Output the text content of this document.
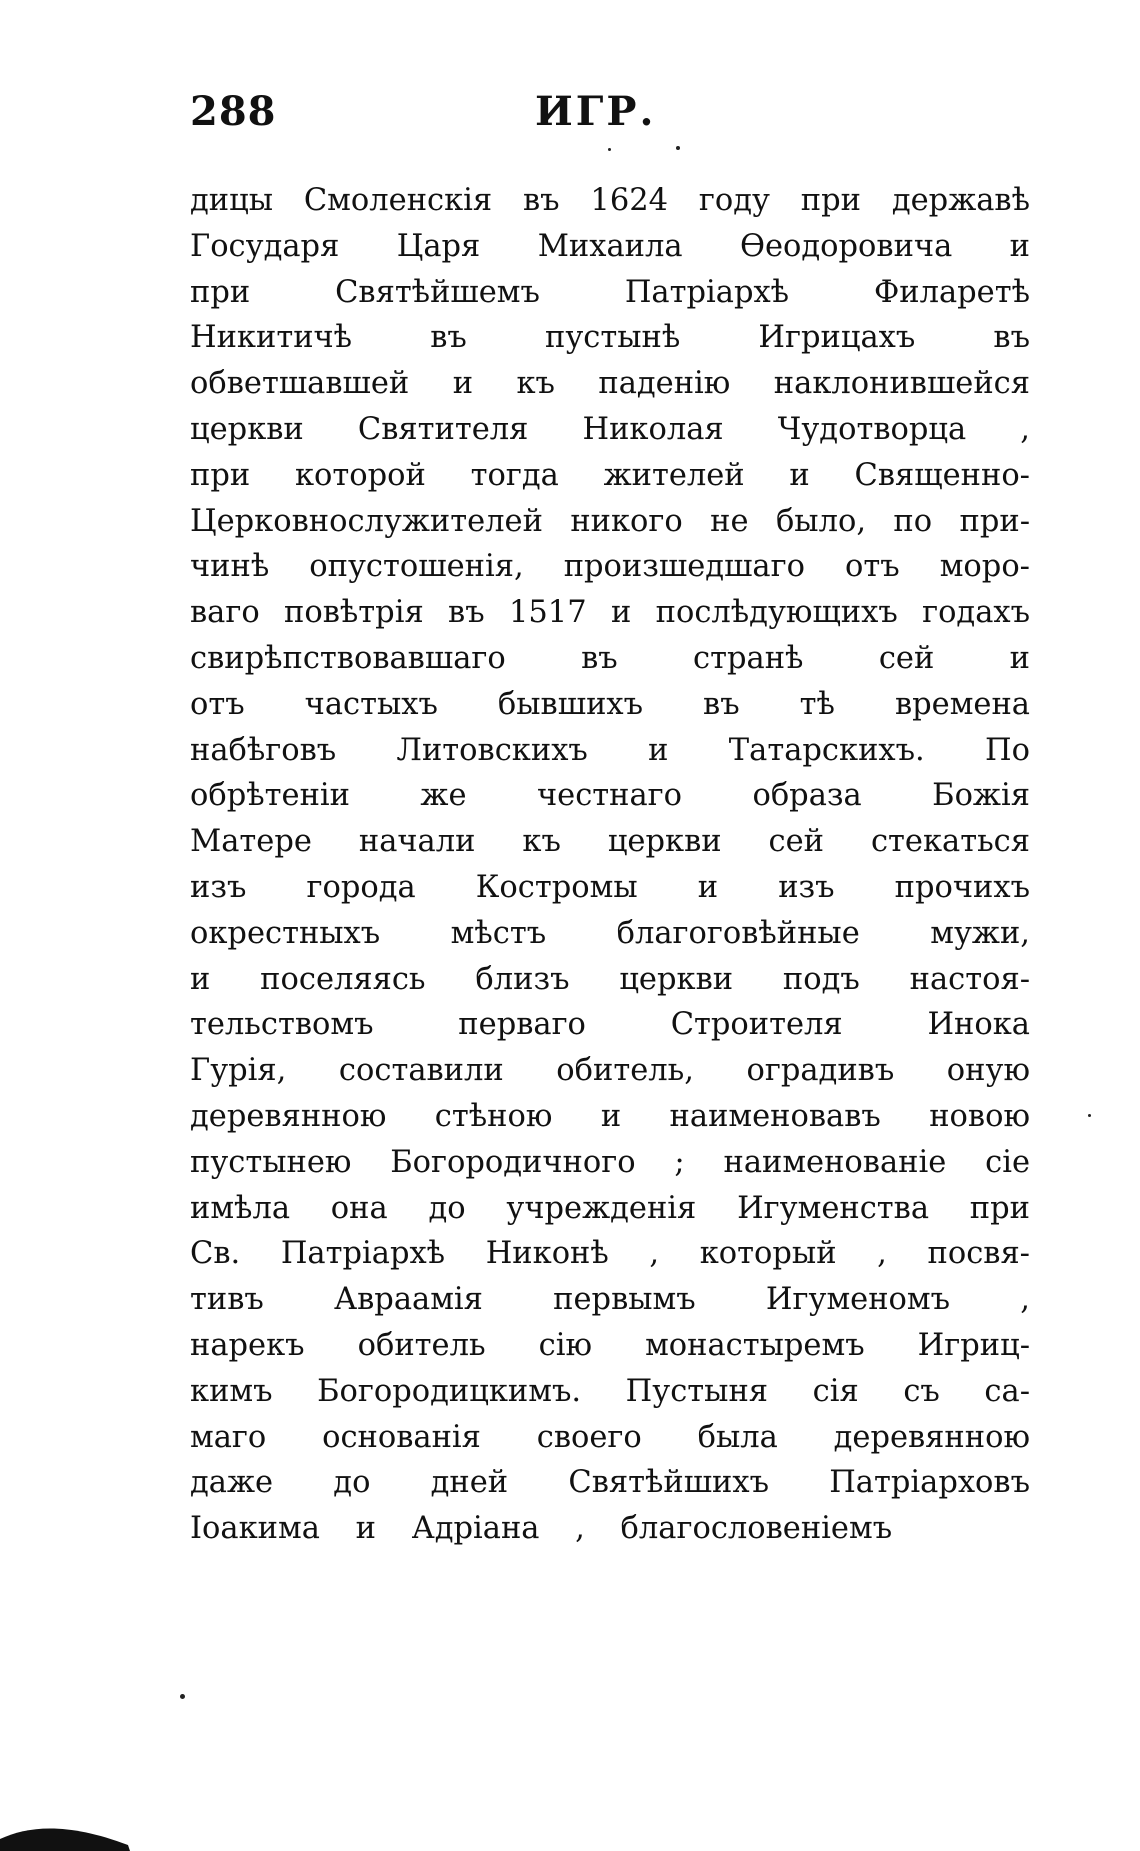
288	ИГР.
дицы Смоленскія въ 1624 году при державѣ
Государя Царя Михаила Ѳеодоровича и
при Святѣйшемъ Патріархѣ Филаретѣ
Никитичѣ въ пустынѣ Игрицахъ въ
обветшавшей и къ паденію наклонившейся
церкви Святителя Николая Чудотворца ,
при которой тогда жителей и Священно-
Церковнослужителей никого не было, по при-
чинѣ опустошенія, произшедшаго отъ моро-
ваго повѣтрія въ 1517 и послѣдующихъ годахъ
свирѣпствовавшаго въ странѣ сей и
отъ частыхъ бывшихъ въ тѣ времена
набѣговъ Литовскихъ и Татарскихъ. По
обрѣтеніи же честнаго образа Божія
Матере начали къ церкви сей стекаться
изъ города Костромы и изъ прочихъ
окрестныхъ мѣстъ благоговѣйные мужи,
и поселяясь близъ церкви подъ настоя-
тельствомъ перваго Строителя Инока
Гурія, составили обитель, оградивъ оную
деревянною стѣною и наименовавъ новою
пустынею Богородичного ; наименованіе сіе
имѣла она до учрежденія Игуменства при
Св. Патріархѣ Никонѣ , который , посвя-
тивъ Авраамія первымъ Игуменомъ ,
нарекъ обитель сію монастыремъ Игриц-
кимъ Богородицкимъ. Пустыня сія съ са-
маго основанія своего была деревянною
даже до дней Святѣйшихъ Патріарховъ
Іоакима и Адріана , благословеніемъ
